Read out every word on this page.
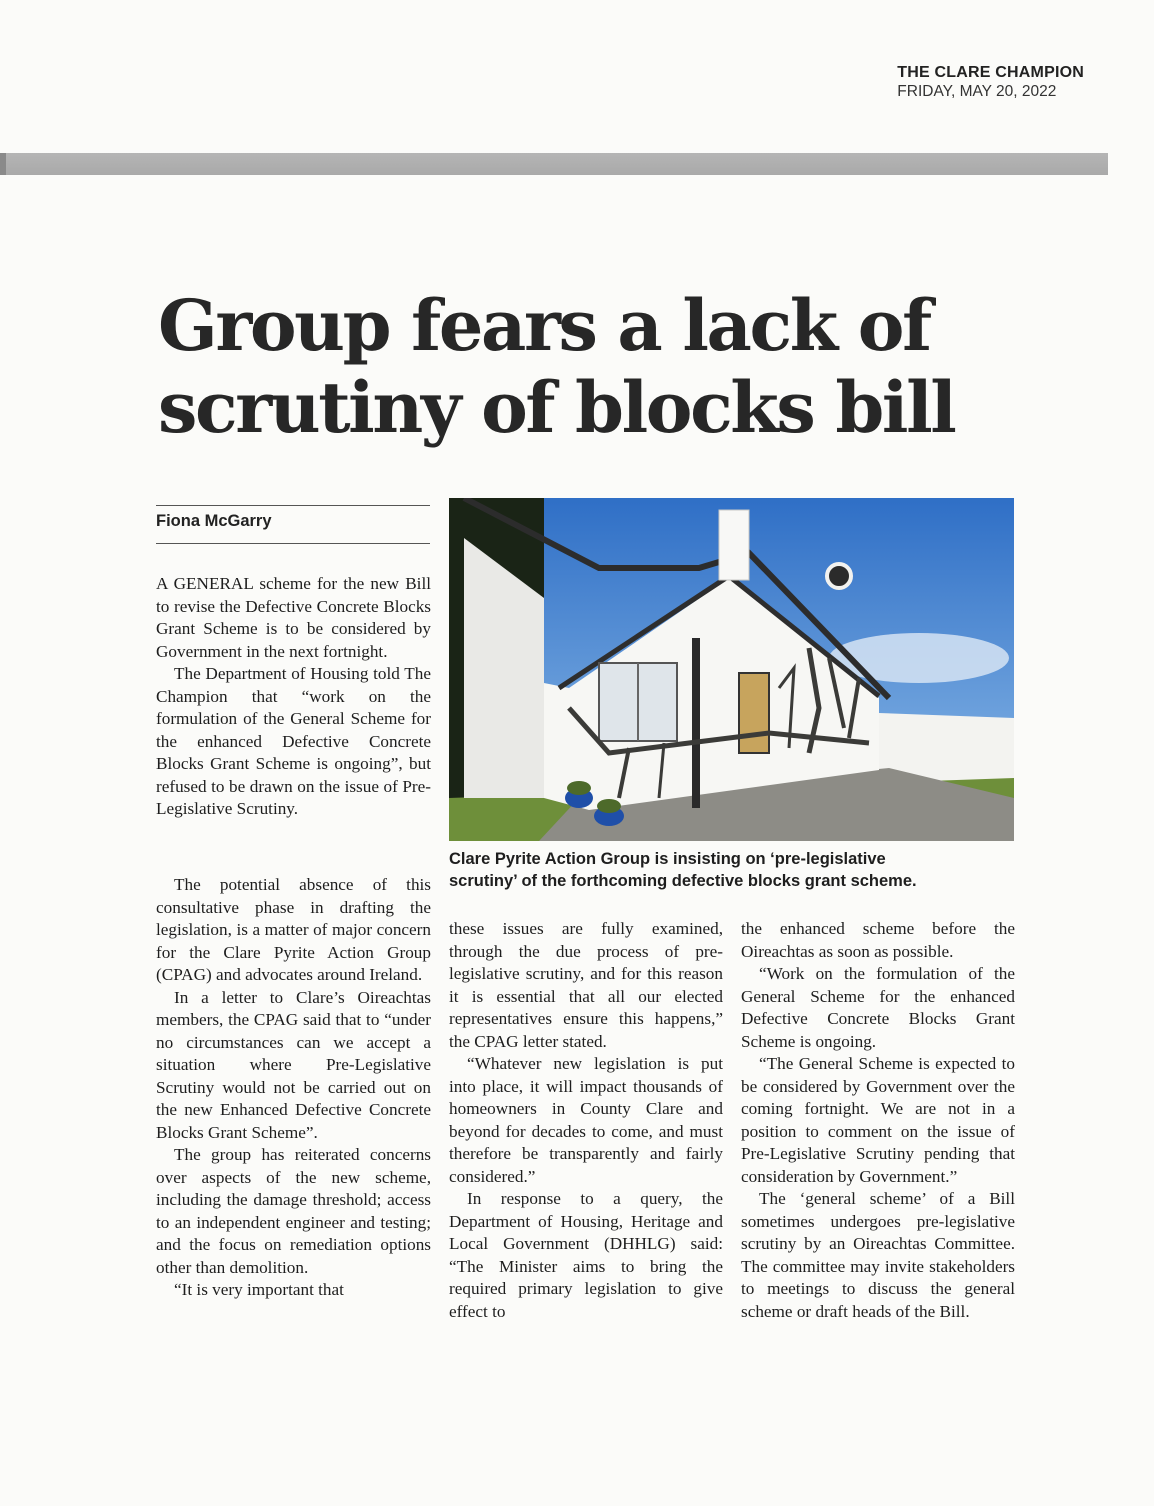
THE CLARE CHAMPION
FRIDAY, MAY 20, 2022
Group fears a lack of
scrutiny of blocks bill
Fiona McGarry

A GENERAL scheme for the new Bill to revise the Defective Concrete Blocks Grant Scheme is to be considered by Government in the next fortnight.

The Department of Housing told The Champion that “work on the formulation of the General Scheme for the enhanced Defective Concrete Blocks Grant Scheme is ongoing”, but refused to be drawn on the issue of Pre-Legislative Scrutiny.

The potential absence of this consultative phase in drafting the legislation, is a matter of major concern for the Clare Pyrite Action Group (CPAG) and advocates around Ireland.

In a letter to Clare’s Oireachtas members, the CPAG said that to “under no circumstances can we accept a situation where Pre-Legislative Scrutiny would not be carried out on the new Enhanced Defective Concrete Blocks Grant Scheme”.

The group has reiterated concerns over aspects of the new scheme, including the damage threshold; access to an independent engineer and testing; and the focus on remediation options other than demolition.

“It is very important that

Clare Pyrite Action Group is insisting on ‘pre-legislative
scrutiny’ of the forthcoming defective blocks grant scheme.

these issues are fully examined, through the due process of pre-legislative scrutiny, and for this reason it is essential that all our elected representatives ensure this happens,” the CPAG letter stated.

“Whatever new legislation is put into place, it will impact thousands of homeowners in County Clare and beyond for decades to come, and must therefore be transparently and fairly considered.”

In response to a query, the Department of Housing, Heritage and Local Government (DHHLG) said: “The Minister aims to bring the required primary legislation to give effect to

the enhanced scheme before the Oireachtas as soon as possible.

“Work on the formulation of the General Scheme for the enhanced Defective Concrete Blocks Grant Scheme is ongoing.

“The General Scheme is expected to be considered by Government over the coming fortnight. We are not in a position to comment on the issue of Pre-Legislative Scrutiny pending that consideration by Government.”

The ‘general scheme’ of a Bill sometimes undergoes pre-legislative scrutiny by an Oireachtas Committee. The committee may invite stakeholders to meetings to discuss the general scheme or draft heads of the Bill.
